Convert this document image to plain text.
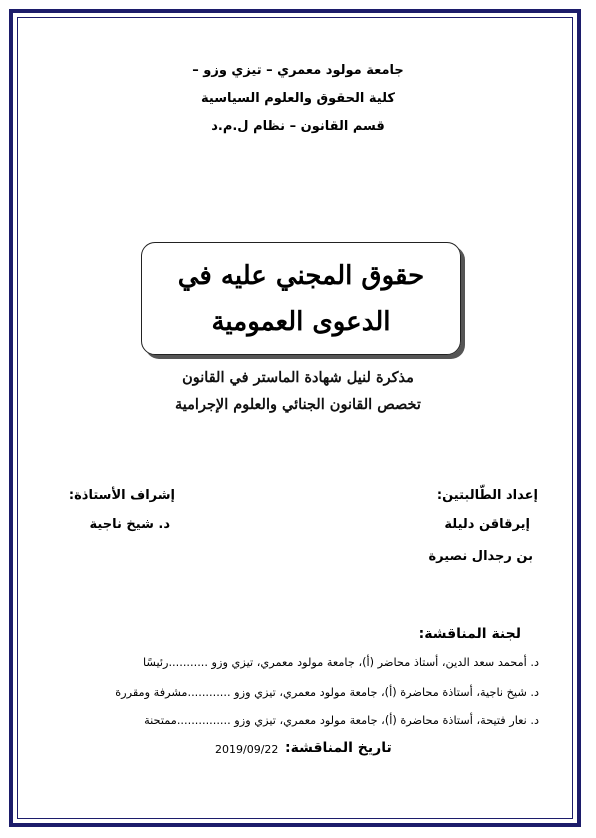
جامعة مولود معمري – تيزي وزو –
كلية الحقوق والعلوم السياسية
قسم القانون – نظام ل.م.د
حقوق المجني عليه في الدعوى العمومية
مذكرة لنيل شهادة الماستر في القانون
تخصص القانون الجنائي والعلوم الإجرامية
إعداد الطّالبتين:
إيرقاقن دليلة
بن رجدال نصيرة
إشراف الأستاذة:
د. شيخ ناجية
لجنة المناقشة:
د. أمحمد سعد الدين، أستاذ محاضر (أ)، جامعة مولود معمري، تيزي وزو ...........رئيسًا
د. شيخ ناجية، أستاذة محاضرة (أ)، جامعة مولود معمري، تيزي وزو ............مشرفة ومقررة
د. نعار فتيحة، أستاذة محاضرة (أ)، جامعة مولود معمري، تيزي وزو ...............ممتحنة
تاريخ المناقشة:
2019/09/22
